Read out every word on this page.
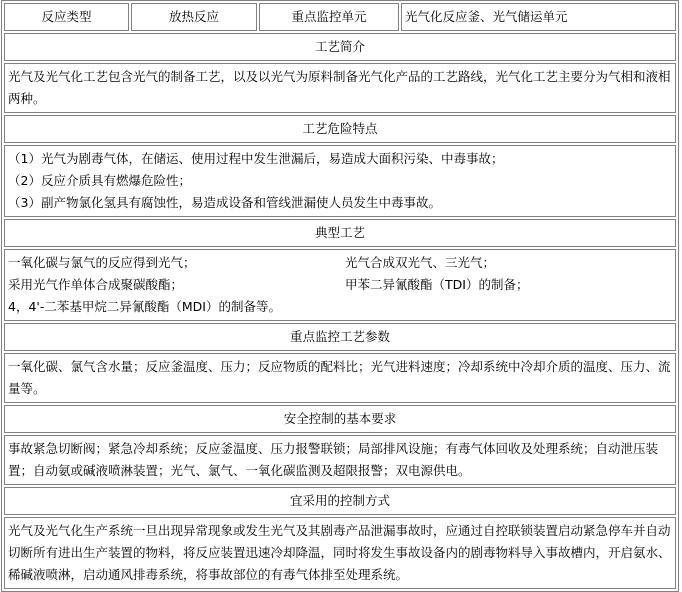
反应类型	放热反应	重点监控单元	光气化反应釜、光气储运单元
工艺简介
光气及光气化工艺包含光气的制备工艺，以及以光气为原料制备光气化产品的工艺路线，光气化工艺主要分为气相和液相两种。
工艺危险特点

（1）光气为剧毒气体，在储运、使用过程中发生泄漏后，易造成大面积污染、中毒事故；
（2）反应介质具有燃爆危险性；
（3）副产物氯化氢具有腐蚀性，易造成设备和管线泄漏使人员发生中毒事故。

典型工艺

一氧化碳与氯气的反应得到光气；	光气合成双光气、三光气；
采用光气作单体合成聚碳酸酯；	甲苯二异氰酸酯（TDI）的制备；
4，4'-二苯基甲烷二异氰酸酯（MDI）的制备等。

重点监控工艺参数
一氧化碳、氯气含水量；反应釜温度、压力；反应物质的配料比；光气进料速度；冷却系统中冷却介质的温度、压力、流量等。
安全控制的基本要求
事故紧急切断阀；紧急冷却系统；反应釜温度、压力报警联锁；局部排风设施；有毒气体回收及处理系统；自动泄压装置；自动氨或碱液喷淋装置；光气、氯气、一氧化碳监测及超限报警；双电源供电。
宜采用的控制方式
光气及光气化生产系统一旦出现异常现象或发生光气及其剧毒产品泄漏事故时，应通过自控联锁装置启动紧急停车并自动切断所有进出生产装置的物料，将反应装置迅速冷却降温，同时将发生事故设备内的剧毒物料导入事故槽内，开启氨水、稀碱液喷淋，启动通风排毒系统，将事故部位的有毒气体排至处理系统。
